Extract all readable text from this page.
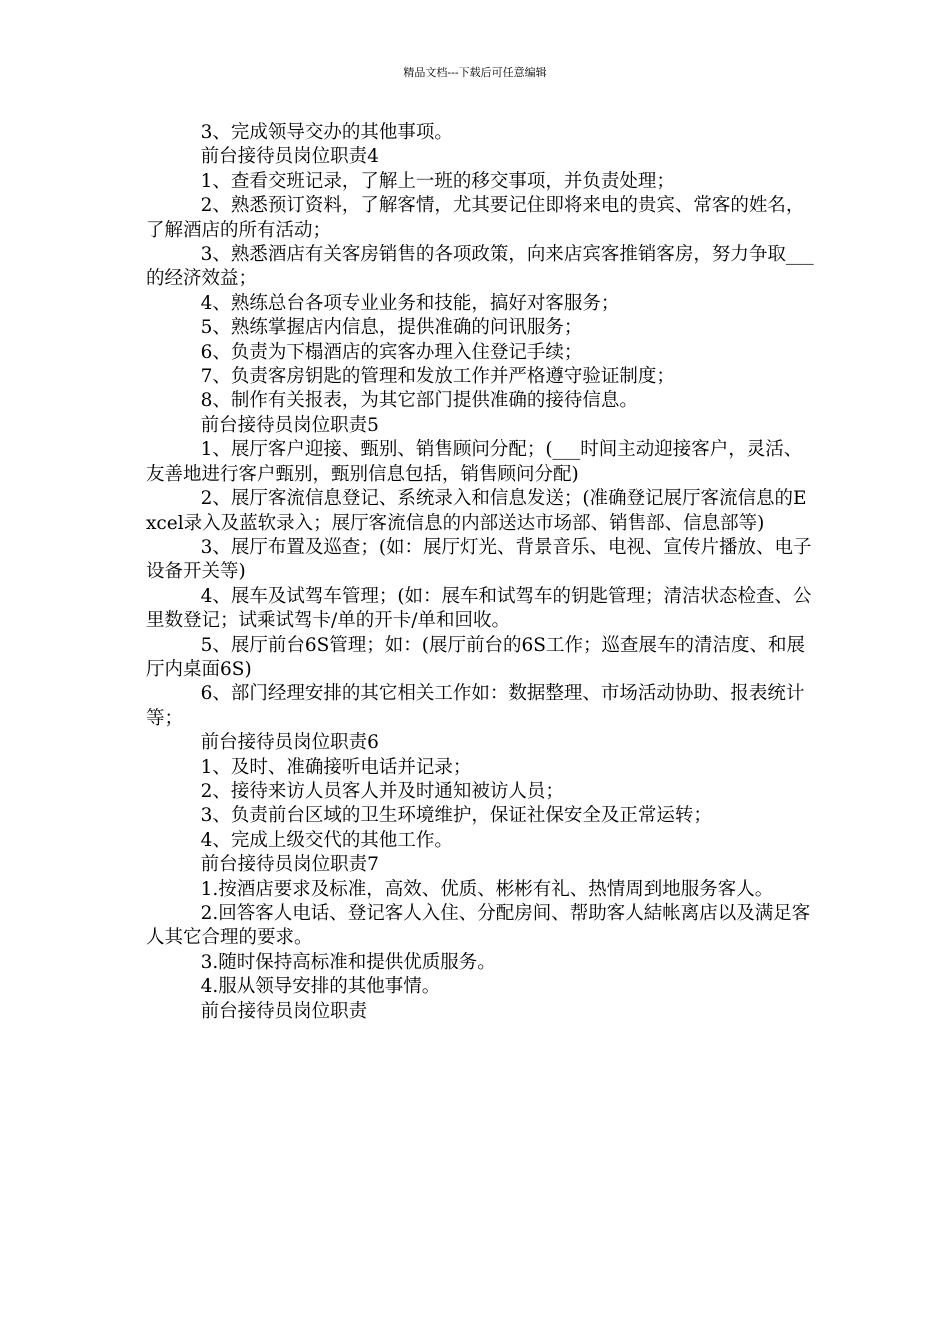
精品文档---下载后可任意编辑

3、完成领导交办的其他事项。

前台接待员岗位职责4

1、查看交班记录，了解上一班的移交事项，并负责处理；

2、熟悉预订资料，了解客情，尤其要记住即将来电的贵宾、常客的姓名，了解酒店的所有活动；

3、熟悉酒店有关客房销售的各项政策，向来店宾客推销客房，努力争取___的经济效益；

4、熟练总台各项专业业务和技能，搞好对客服务；

5、熟练掌握店内信息，提供准确的问讯服务；

6、负责为下榻酒店的宾客办理入住登记手续；

7、负责客房钥匙的管理和发放工作并严格遵守验证制度；

8、制作有关报表，为其它部门提供准确的接待信息。

前台接待员岗位职责5

1、展厅客户迎接、甄别、销售顾问分配；(___时间主动迎接客户，灵活、友善地进行客户甄别，甄别信息包括，销售顾问分配)

2、展厅客流信息登记、系统录入和信息发送；(准确登记展厅客流信息的Excel录入及蓝软录入；展厅客流信息的内部送达市场部、销售部、信息部等)

3、展厅布置及巡查；(如：展厅灯光、背景音乐、电视、宣传片播放、电子设备开关等)

4、展车及试驾车管理；(如：展车和试驾车的钥匙管理；清洁状态检查、公里数登记；试乘试驾卡/单的开卡/单和回收。

5、展厅前台6S管理；如：(展厅前台的6S工作；巡查展车的清洁度、和展厅内桌面6S)

6、部门经理安排的其它相关工作如：数据整理、市场活动协助、报表统计等；

前台接待员岗位职责6

1、及时、准确接听电话并记录；

2、接待来访人员客人并及时通知被访人员；

3、负责前台区域的卫生环境维护，保证社保安全及正常运转；

4、完成上级交代的其他工作。

前台接待员岗位职责7

1.按酒店要求及标准，高效、优质、彬彬有礼、热情周到地服务客人。

2.回答客人电话、登记客人入住、分配房间、帮助客人結帐离店以及满足客人其它合理的要求。

3.随时保持高标准和提供优质服务。

4.服从领导安排的其他事情。

前台接待员岗位职责
